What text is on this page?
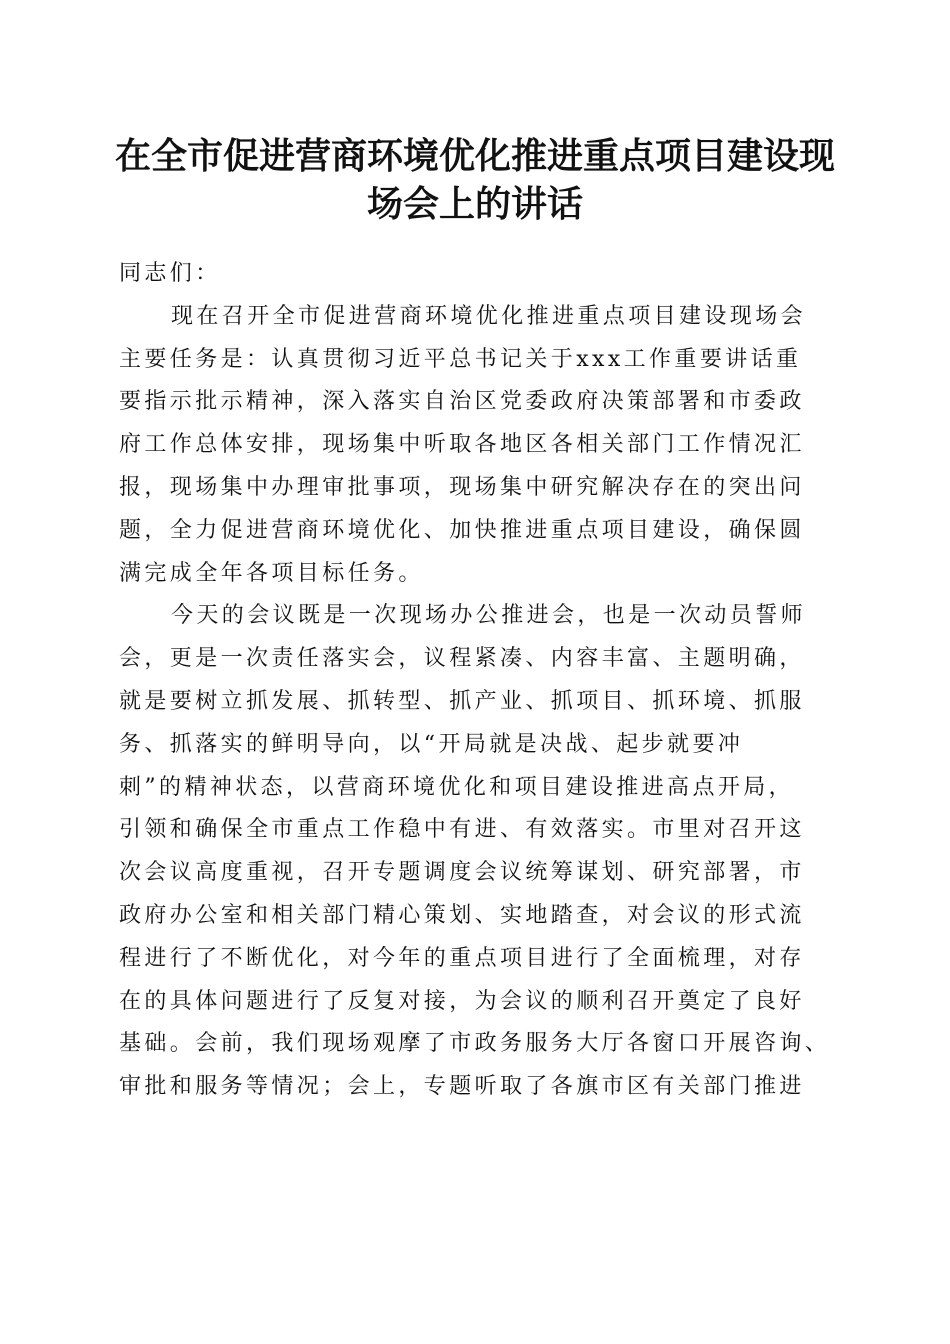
在全市促进营商环境优化推进重点项目建设现
场会上的讲话

同志们：

现在召开全市促进营商环境优化推进重点项目建设现场会
主要任务是：认真贯彻习近平总书记关于xxx工作重要讲话重
要指示批示精神，深入落实自治区党委政府决策部署和市委政
府工作总体安排，现场集中听取各地区各相关部门工作情况汇
报，现场集中办理审批事项，现场集中研究解决存在的突出问
题，全力促进营商环境优化、加快推进重点项目建设，确保圆
满完成全年各项目标任务。

今天的会议既是一次现场办公推进会，也是一次动员誓师
会，更是一次责任落实会，议程紧凑、内容丰富、主题明确，
就是要树立抓发展、抓转型、抓产业、抓项目、抓环境、抓服
务、抓落实的鲜明导向，以“开局就是决战、起步就要冲
刺”的精神状态，以营商环境优化和项目建设推进高点开局，
引领和确保全市重点工作稳中有进、有效落实。市里对召开这
次会议高度重视，召开专题调度会议统筹谋划、研究部署，市
政府办公室和相关部门精心策划、实地踏查，对会议的形式流
程进行了不断优化，对今年的重点项目进行了全面梳理，对存
在的具体问题进行了反复对接，为会议的顺利召开奠定了良好
基础。会前，我们现场观摩了市政务服务大厅各窗口开展咨询、
审批和服务等情况；会上，专题听取了各旗市区有关部门推进
